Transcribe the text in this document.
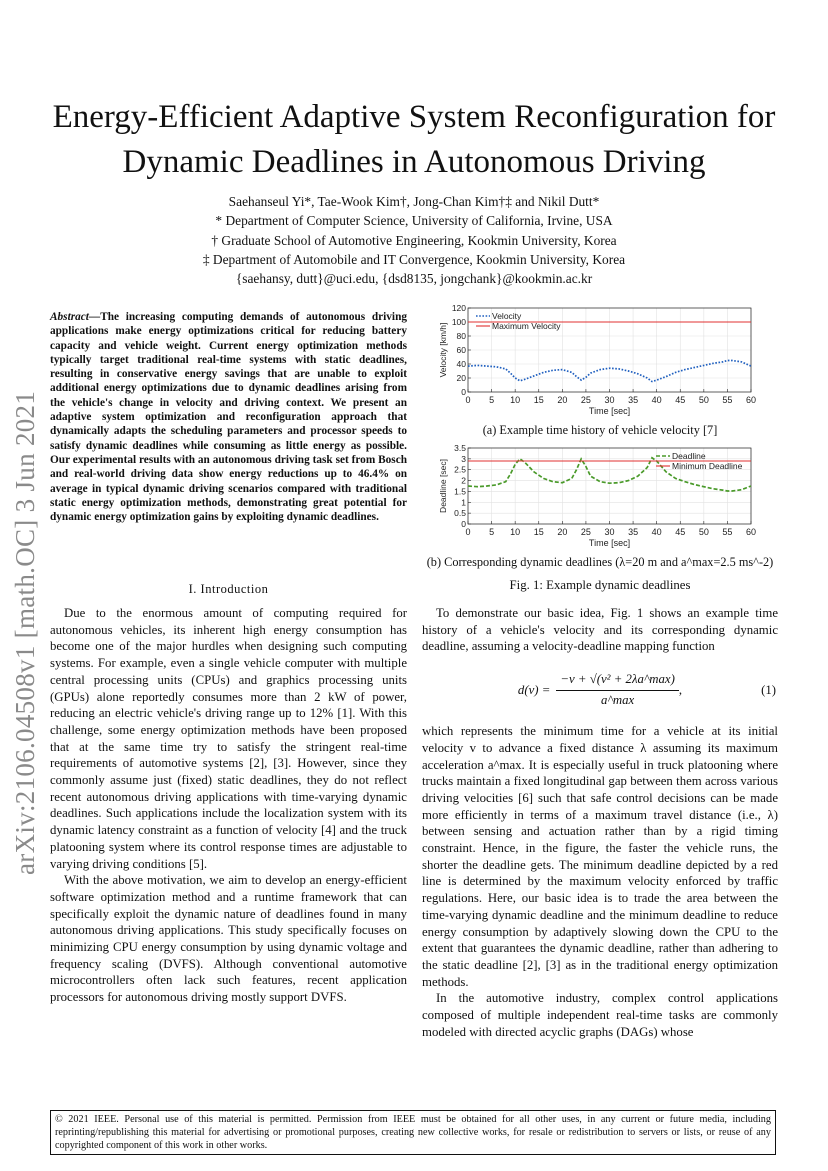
arXiv:2106.04508v1 [math.OC] 3 Jun 2021
Energy-Efficient Adaptive System Reconfiguration for Dynamic Deadlines in Autonomous Driving
Saehanseul Yi*, Tae-Wook Kim†, Jong-Chan Kim†‡ and Nikil Dutt*
* Department of Computer Science, University of California, Irvine, USA
† Graduate School of Automotive Engineering, Kookmin University, Korea
‡ Department of Automobile and IT Convergence, Kookmin University, Korea
{saehansy, dutt}@uci.edu, {dsd8135, jongchank}@kookmin.ac.kr
Abstract—The increasing computing demands of autonomous driving applications make energy optimizations critical for reducing battery capacity and vehicle weight. Current energy optimization methods typically target traditional real-time systems with static deadlines, resulting in conservative energy savings that are unable to exploit additional energy optimizations due to dynamic deadlines arising from the vehicle's change in velocity and driving context. We present an adaptive system optimization and reconfiguration approach that dynamically adapts the scheduling parameters and processor speeds to satisfy dynamic deadlines while consuming as little energy as possible. Our experimental results with an autonomous driving task set from Bosch and real-world driving data show energy reductions up to 46.4% on average in typical dynamic driving scenarios compared with traditional static energy optimization methods, demonstrating great potential for dynamic energy optimization gains by exploiting dynamic deadlines.
I. Introduction

Due to the enormous amount of computing required for autonomous vehicles, its inherent high energy consumption has become one of the major hurdles when designing such computing systems. For example, even a single vehicle computer with multiple central processing units (CPUs) and graphics processing units (GPUs) alone reportedly consumes more than 2 kW of power, reducing an electric vehicle's driving range up to 12% [1]. With this challenge, some energy optimization methods have been proposed that at the same time try to satisfy the stringent real-time requirements of automotive systems [2], [3]. However, since they commonly assume just (fixed) static deadlines, they do not reflect recent autonomous driving applications with time-varying dynamic deadlines. Such applications include the localization system with its dynamic latency constraint as a function of velocity [4] and the truck platooning system where its control response times are adjustable to varying driving conditions [5].

With the above motivation, we aim to develop an energy-efficient software optimization method and a runtime framework that can specifically exploit the dynamic nature of deadlines found in many autonomous driving applications. This study specifically focuses on minimizing CPU energy consumption by using dynamic voltage and frequency scaling (DVFS). Although conventional automotive microcontrollers often lack such features, recent application processors for autonomous driving mostly support DVFS.

0 5 10 15 20 25 30 35 40 45 50 55 60
0
20
40
60
80
100
120
Time [sec]
Velocity [km/h]
Velocity
Maximum Velocity
(a) Example time history of vehicle velocity [7]
0 5 10 15 20 25 30 35 40 45 50 55 60
0
0.5
1
1.5
2
2.5
3
3.5
Time [sec]
Deadline [sec]
Deadline
Minimum Deadline
(b) Corresponding dynamic deadlines (λ=20 m and a^max=2.5 ms^-2)
Fig. 1: Example dynamic deadlines

To demonstrate our basic idea, Fig. 1 shows an example time history of a vehicle's velocity and its corresponding dynamic deadline, assuming a velocity-deadline mapping function

$d(v) = \frac{\text{−v + √(v² + 2λa\textasciicircum{}max)}}{a\^{}\max}$ ,	(1)

which represents the minimum time for a vehicle at its initial velocity v to advance a fixed distance λ assuming its maximum acceleration a^max. It is especially useful in truck platooning where trucks maintain a fixed longitudinal gap between them across various driving velocities [6] such that safe control decisions can be made more efficiently in terms of a maximum travel distance (i.e., λ) between sensing and actuation rather than by a rigid timing constraint. Hence, in the figure, the faster the vehicle runs, the shorter the deadline gets. The minimum deadline depicted by a red line is determined by the maximum velocity enforced by traffic regulations. Here, our basic idea is to trade the area between the time-varying dynamic deadline and the minimum deadline to reduce energy consumption by adaptively slowing down the CPU to the extent that guarantees the dynamic deadline, rather than adhering to the static deadline [2], [3] as in the traditional energy optimization methods.

In the automotive industry, complex control applications composed of multiple independent real-time tasks are commonly modeled with directed acyclic graphs (DAGs) whose

© 2021 IEEE. Personal use of this material is permitted. Permission from IEEE must be obtained for all other uses, in any current or future media, including reprinting/republishing this material for advertising or promotional purposes, creating new collective works, for resale or redistribution to servers or lists, or reuse of any copyrighted component of this work in other works.
